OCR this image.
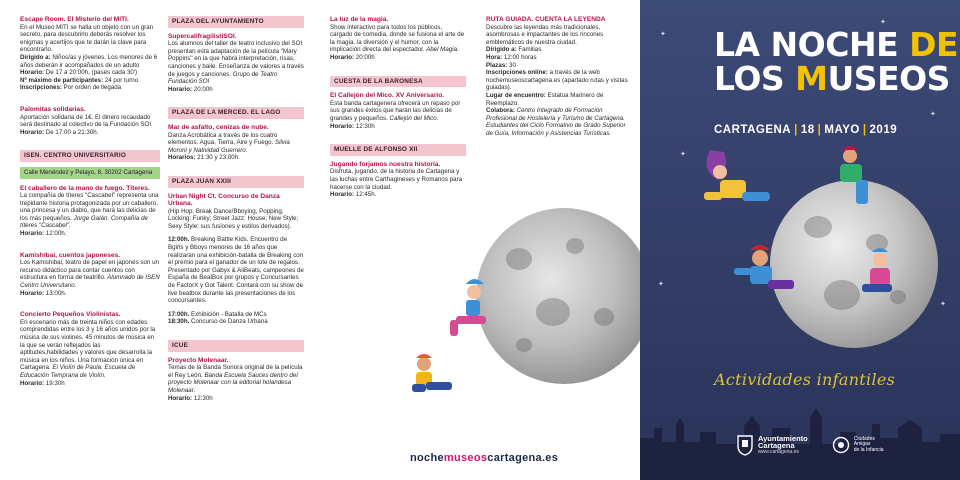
Escape Room. El Misterio del MITI.
En el Museo MITI se halla un objeto con un gran secreto, para descubrirlo deberás resolver los enigmas y acertijos que te darán la clave para encontrarlo.
Dirigido a: Niños/as y jóvenes. Los menores de 6 años deberán ir acompañados de un adulto
Horario: De 17 a 20:00h, (pases cada 30')
Nº máximo de participantes: 24 por turno
Inscripciones: Por orden de llegada
Palomitas solidarias.
Aportación solidaria de 1€. El dinero recaudado será destinado al colectivo de la Fundación SOI
Horario: De 17:00 a 21:30h.
ISEN. CENTRO UNIVERSITARIO
Calle Menéndez y Pelayo, 8. 30202 Cartagena
El caballero de la mano de fuego. Títeres.
La compañía de títeres "Cascabel" representa una trepidante historia protagonizada por un caballero, una princesa y un diablo, que hará las delicias de los más pequeños. Jorge Galán. Compañía de títeres "Cascabel".
Horario: 12:00h.
Kamishibai, cuentos japoneses.
Los Kamishibai, teatro de papel en japonés son un recurso didáctico para contar cuentos con estructura en forma de teatrillo. Alumnado de ISEN Centro Universitario.
Horario: 13:00h.
Concierto Pequeños Violinistas.
En escenario más de treinta niños con edades comprendidas entre los 3 y 16 años unidos por la música de sus violines. 45 minutos de música en la que se verán reflejados las aptitudes,habilidades y valores que desarrolla la música en los niños. Una formación única en Cartagena. El Violín de Paula. Escuela de Educación Temprana de Violín.
Horario: 19:30h
PLAZA DEL AYUNTAMIENTO
SupercalifragilistiSOI.
Los alumnos del taller de teatro inclusivo del SOI presentan esta adaptación de la película "Mary Poppins" en la que habrá interpretación, risas, canciones y baile. Enseñanza de valores a través de juegos y canciones. Grupo de Teatro Fundación SOI
Horario: 20:00h
PLAZA DE LA MERCED. EL LAGO
Mar de asfalto, cenizas de nube.
Danza Acrobática a través de los cuatro elementos: Agua, Tierra, Aire y Fuego. Silvia Moroni y Natividad Guerrero.
Horarios: 21:30 y 23:00h.
PLAZA JUAN XXIII
Urban Night Ct. Concurso de Danza Urbana.
(Hip Hop, Break Dance/Bboying, Popping, Locking; Funky; Street Jazz; House; New Style; Sexy Style; sus fusiones y estilos derivados).
12:00h. Breaking Battle Kids. Encuentro de Bgirls y Bboys menores de 16 años que realizaran una exhibición-batalla de Breaking con el premio para el ganador de un lote de regalos. Presentado por Gabyx & AliBeats, campeones de España de BeatBox por grupos y Concursantes de FactorX y Got Talent. Contará con su show de live beatbox durante las presentaciones de los concursantes.
17:00h. Exhibición - Batalla de MCs
18:30h. Concurso de Danza Urbana
ICUE
Proyecto Molenaar.
Temas de la Banda Sonora original de la película el Rey León. Banda Escuela Sauces dentro del proyecto Molenaar con la editorial holandesa Molenaar.
Horario: 12:30h
La luz de la magia.
Show interactivo para todos los públicos, cargado de comedia, donde se fusiona el arte de la magia, la diversión y el humor, con la implicación directa del espectador. Abel Magia.
Horario: 20:00h
CUESTA DE LA BARONESA
El Callejón del Mico. XV Aniversario.
Esta banda cartagenera ofrecerá un repaso por sus grandes éxitos que harán las delicias de grandes y pequeños. Callejón del Mico.
Horario: 12:30h
MUELLE DE ALFONSO XII
Jugando forjamos nuestra historia.
Disfruta, jugando, de la historia de Cartagena y las luchas entre Carthagineses y Romanos para hacerse con la ciudad.
Horario: 12:45h.
RUTA GUIADA. CUENTA LA LEYENDA
Descubre las leyendas más tradicionales, asombrosas e impactantes de los rincones emblemáticos de nuestra ciudad.
Dirigido a: Familias
Hora: 12:00 horas
Plazas: 30
Inscripciones online: a través de la web nochemuseoscartagena.es (apartado rutas y visitas guiadas).
Lugar de encuentro: Estatua Marinero de Reemplazo.
Colabora: Centro Integrado de Formación Profesional de Hostelería y Turismo de Cartagena. Estudiantes del Ciclo Formativo de Grado Superior de Guía, Información y Asistencias Turísticas.
nochemuseoscartagena.es
✦
✦
✦
✦
✦
✦
LA NOCHE DE
LOS MUSEOS
CARTAGENA | 18 | MAYO | 2019
Actividades infantiles
Ayuntamiento
Cartagena
www.cartagena.es
Ciudades
Amigas
de la Infancia
